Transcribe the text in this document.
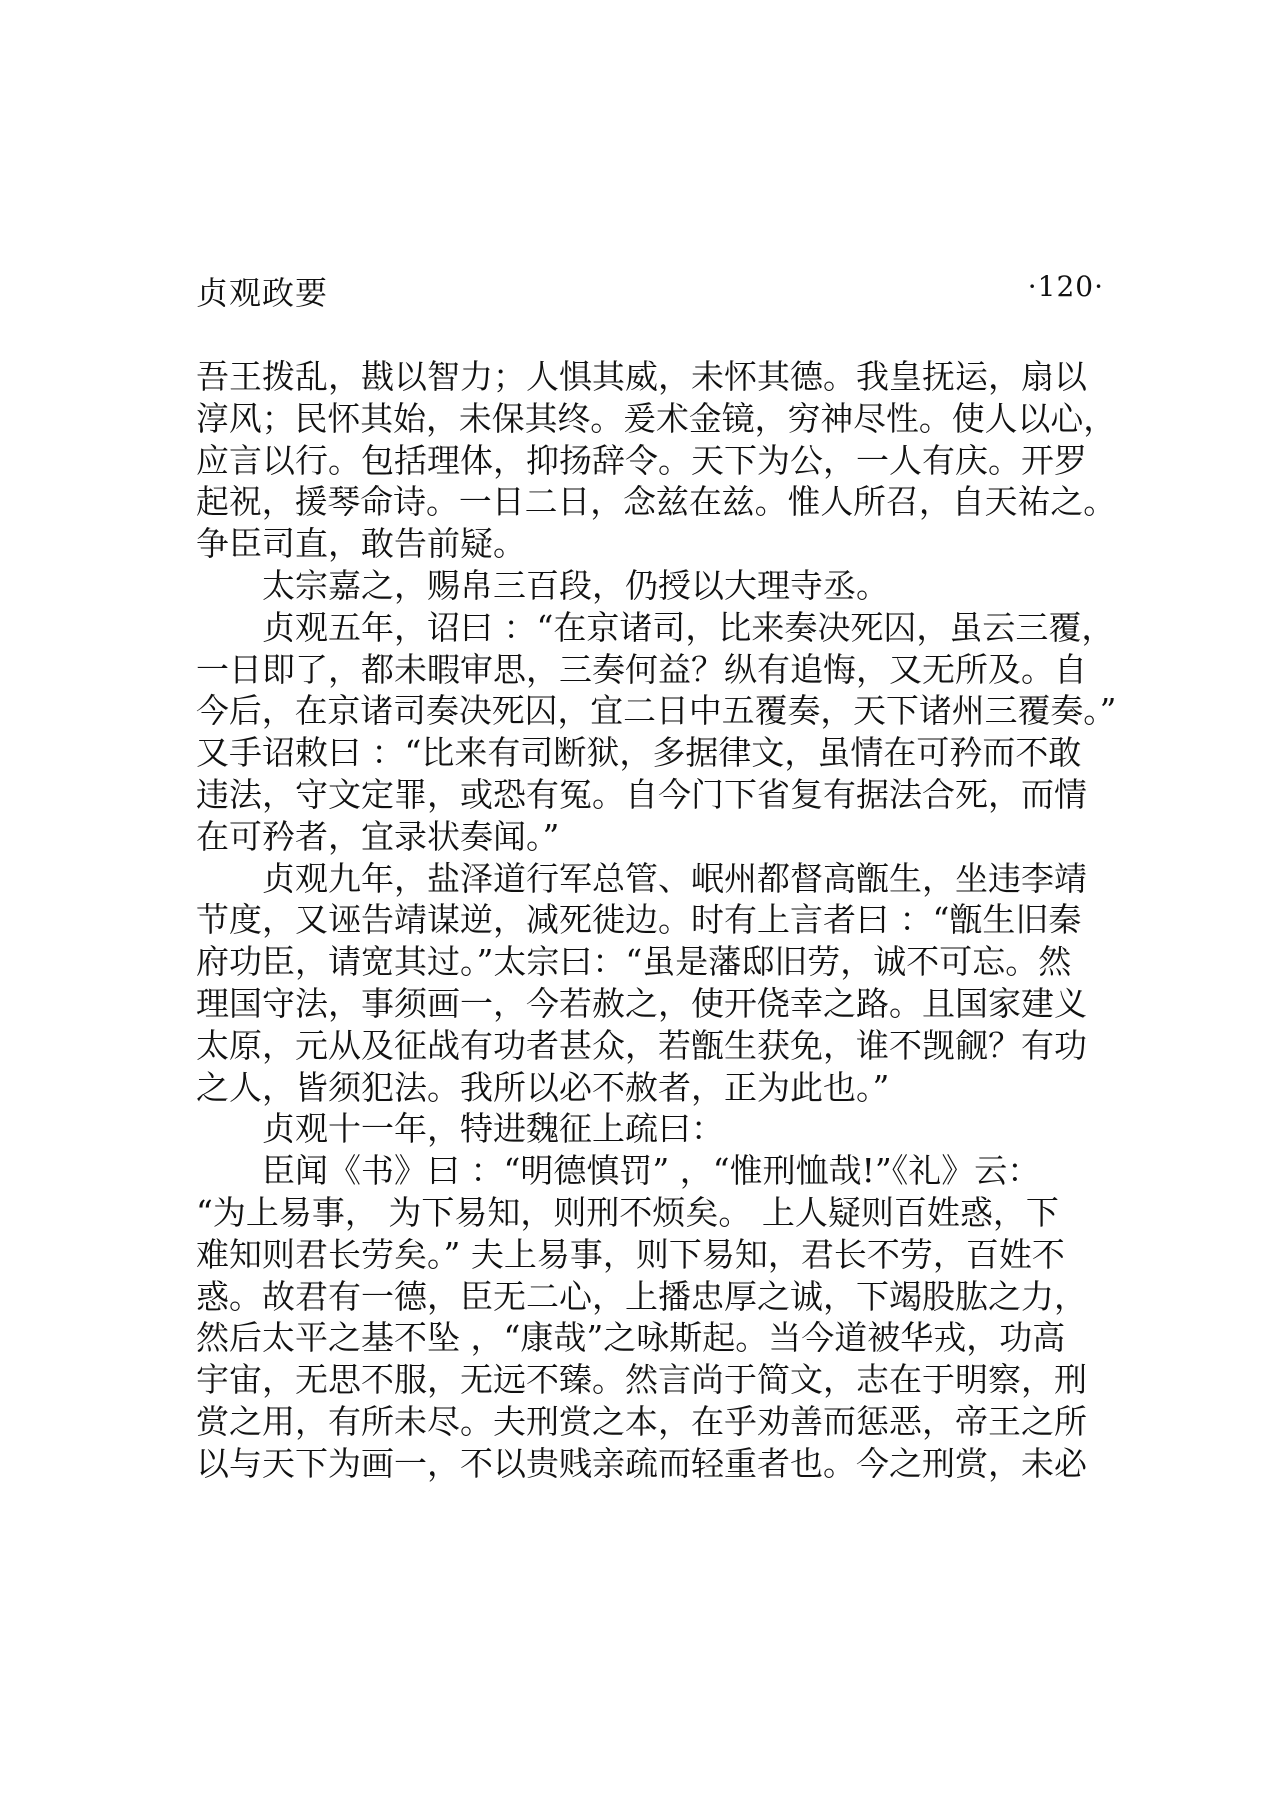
贞观政要	·120·
吾王拨乱，戡以智力；人惧其威，未怀其德。我皇抚运，扇以
淳风；民怀其始，未保其终。爰术金镜，穷神尽性。使人以心，
应言以行。包括理体，抑扬辞令。天下为公，一人有庆。开罗
起祝，援琴命诗。一日二日，念兹在兹。惟人所召，自天祐之。
争臣司直，敢告前疑。
太宗嘉之，赐帛三百段，仍授以大理寺丞。
贞观五年，诏曰 ：“在京诸司，比来奏决死囚，虽云三覆，
一日即了，都未暇审思，三奏何益？纵有追悔，又无所及。自
今后，在京诸司奏决死囚，宜二日中五覆奏，天下诸州三覆奏。”
又手诏敕曰 ：“比来有司断狱，多据律文，虽情在可矜而不敢
违法，守文定罪，或恐有冤。自今门下省复有据法合死，而情
在可矜者，宜录状奏闻。”
贞观九年，盐泽道行军总管、岷州都督高甑生，坐违李靖
节度，又诬告靖谋逆，减死徙边。时有上言者曰 ：“甑生旧秦
府功臣，请宽其过。”太宗曰：“虽是藩邸旧劳，诚不可忘。然
理国守法，事须画一，今若赦之，使开侥幸之路。且国家建义
太原，元从及征战有功者甚众，若甑生获免，谁不觊觎？有功
之人，皆须犯法。我所以必不赦者，正为此也。”
贞观十一年，特进魏征上疏曰：
臣闻《书》曰 ：“明德慎罚” ，“惟刑恤哉!”《礼》云：
“为上易事， 为下易知，则刑不烦矣。 上人疑则百姓惑，下
难知则君长劳矣。” 夫上易事，则下易知，君长不劳，百姓不
惑。故君有一德，臣无二心，上播忠厚之诚，下竭股肱之力，
然后太平之基不坠 ，“康哉”之咏斯起。当今道被华戎，功高
宇宙，无思不服，无远不臻。然言尚于简文，志在于明察，刑
赏之用，有所未尽。夫刑赏之本，在乎劝善而惩恶，帝王之所
以与天下为画一，不以贵贱亲疏而轻重者也。今之刑赏，未必
